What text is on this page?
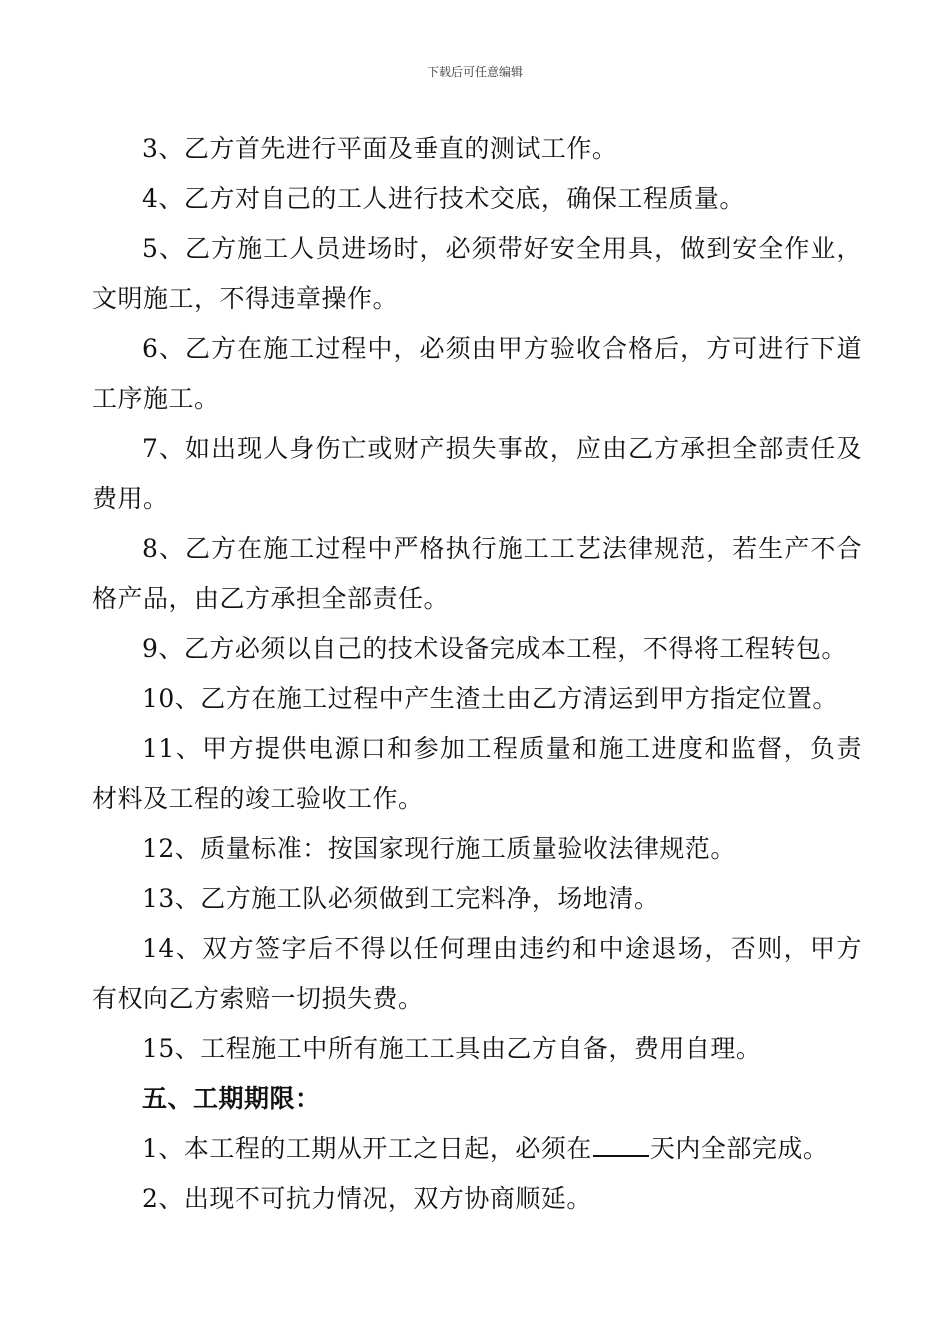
下载后可任意编辑

3、乙方首先进行平面及垂直的测试工作。

4、乙方对自己的工人进行技术交底，确保工程质量。

5、乙方施工人员进场时，必须带好安全用具，做到安全作业，文明施工，不得违章操作。

6、乙方在施工过程中，必须由甲方验收合格后，方可进行下道工序施工。

7、如出现人身伤亡或财产损失事故，应由乙方承担全部责任及费用。

8、乙方在施工过程中严格执行施工工艺法律规范，若生产不合格产品，由乙方承担全部责任。

9、乙方必须以自己的技术设备完成本工程，不得将工程转包。

10、乙方在施工过程中产生渣土由乙方清运到甲方指定位置。

11、甲方提供电源口和参加工程质量和施工进度和监督，负责材料及工程的竣工验收工作。

12、质量标准：按国家现行施工质量验收法律规范。

13、乙方施工队必须做到工完料净，场地清。

14、双方签字后不得以任何理由违约和中途退场，否则，甲方有权向乙方索赔一切损失费。

15、工程施工中所有施工工具由乙方自备，费用自理。

五、工期期限：

1、本工程的工期从开工之日起，必须在 天内全部完成。

2、出现不可抗力情况，双方协商顺延。
